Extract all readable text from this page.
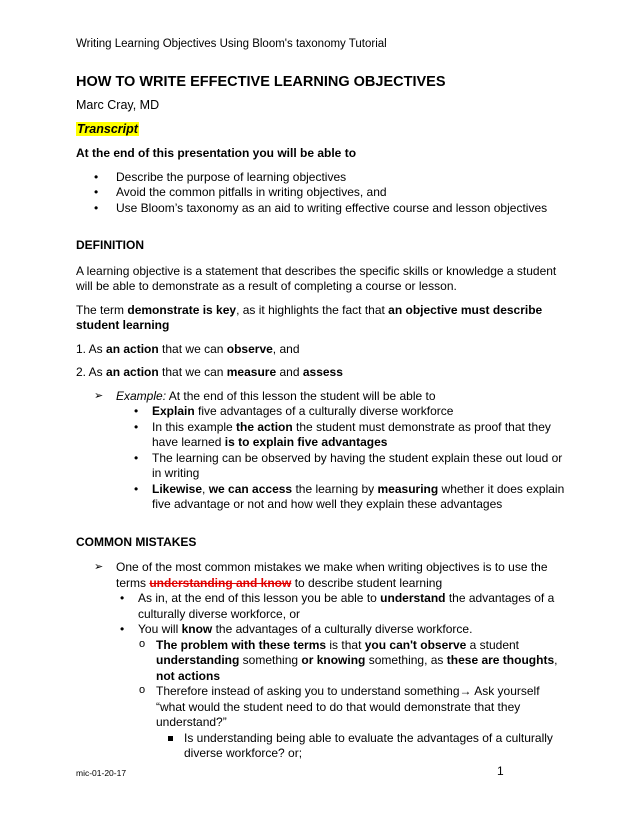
Writing Learning Objectives Using Bloom's taxonomy Tutorial
HOW TO WRITE EFFECTIVE LEARNING OBJECTIVES
Marc Cray, MD
Transcript

At the end of this presentation you will be able to

• Describe the purpose of learning objectives
• Avoid the common pitfalls in writing objectives, and
• Use Bloom’s taxonomy as an aid to writing effective course and lesson objectives

DEFINITION

A learning objective is a statement that describes the specific skills or knowledge a student will be able to demonstrate as a result of completing a course or lesson.

The term demonstrate is key, as it highlights the fact that an objective must describe student learning

1. As an action that we can observe, and

2. As an action that we can measure and assess

➢ Example: At the end of this lesson the student will be able to
• Explain five advantages of a culturally diverse workforce
• In this example the action the student must demonstrate as proof that they have learned is to explain five advantages
• The learning can be observed by having the student explain these out loud or in writing
• Likewise, we can access the learning by measuring whether it does explain five advantage or not and how well they explain these advantages

COMMON MISTAKES

➢ One of the most common mistakes we make when writing objectives is to use the terms understanding and know to describe student learning
• As in, at the end of this lesson you be able to understand the advantages of a culturally diverse workforce, or
• You will know the advantages of a culturally diverse workforce.
o The problem with these terms is that you can't observe a student understanding something or knowing something, as these are thoughts, not actions
o Therefore instead of asking you to understand something→ Ask yourself “what would the student need to do that would demonstrate that they understand?”
Is understanding being able to evaluate the advantages of a culturally diverse workforce? or;
mic-01-20-17	1
